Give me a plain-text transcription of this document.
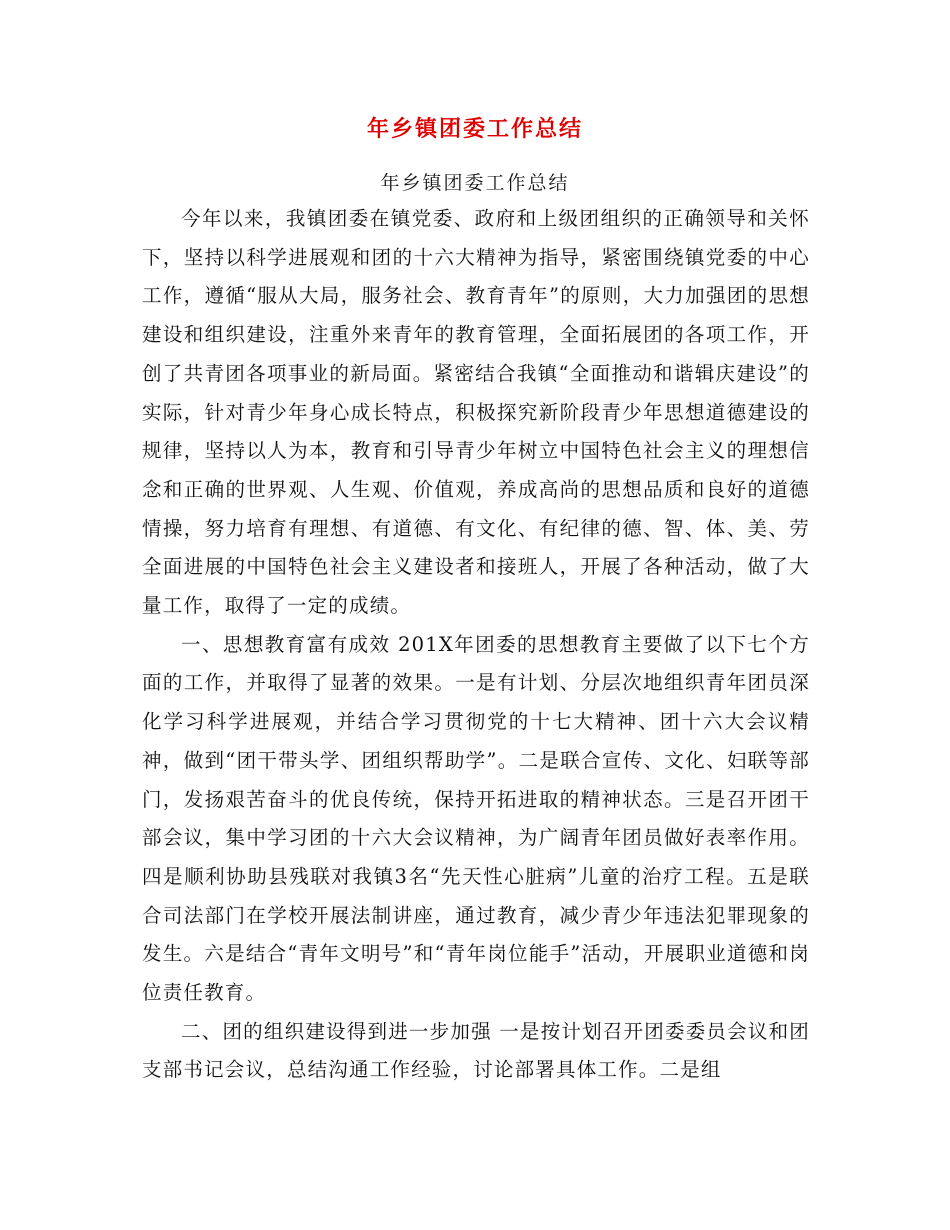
年乡镇团委工作总结
年乡镇团委工作总结

今年以来，我镇团委在镇党委、政府和上级团组织的正确领导和关怀下，坚持以科学进展观和团的十六大精神为指导，紧密围绕镇党委的中心工作，遵循“服从大局，服务社会、教育青年”的原则，大力加强团的思想建设和组织建设，注重外来青年的教育管理，全面拓展团的各项工作，开创了共青团各项事业的新局面。紧密结合我镇“全面推动和谐辑庆建设”的实际，针对青少年身心成长特点，积极探究新阶段青少年思想道德建设的规律，坚持以人为本，教育和引导青少年树立中国特色社会主义的理想信念和正确的世界观、人生观、价值观，养成高尚的思想品质和良好的道德情操，努力培育有理想、有道德、有文化、有纪律的德、智、体、美、劳全面进展的中国特色社会主义建设者和接班人，开展了各种活动，做了大量工作，取得了一定的成绩。

一、思想教育富有成效 201X年团委的思想教育主要做了以下七个方面的工作，并取得了显著的效果。一是有计划、分层次地组织青年团员深化学习科学进展观，并结合学习贯彻党的十七大精神、团十六大会议精神，做到“团干带头学、团组织帮助学”。二是联合宣传、文化、妇联等部门，发扬艰苦奋斗的优良传统，保持开拓进取的精神状态。三是召开团干部会议，集中学习团的十六大会议精神，为广阔青年团员做好表率作用。四是顺利协助县残联对我镇3名“先天性心脏病”儿童的治疗工程。五是联合司法部门在学校开展法制讲座，通过教育，减少青少年违法犯罪现象的发生。六是结合“青年文明号”和“青年岗位能手”活动，开展职业道德和岗位责任教育。

二、团的组织建设得到进一步加强 一是按计划召开团委委员会议和团支部书记会议，总结沟通工作经验，讨论部署具体工作。二是组
